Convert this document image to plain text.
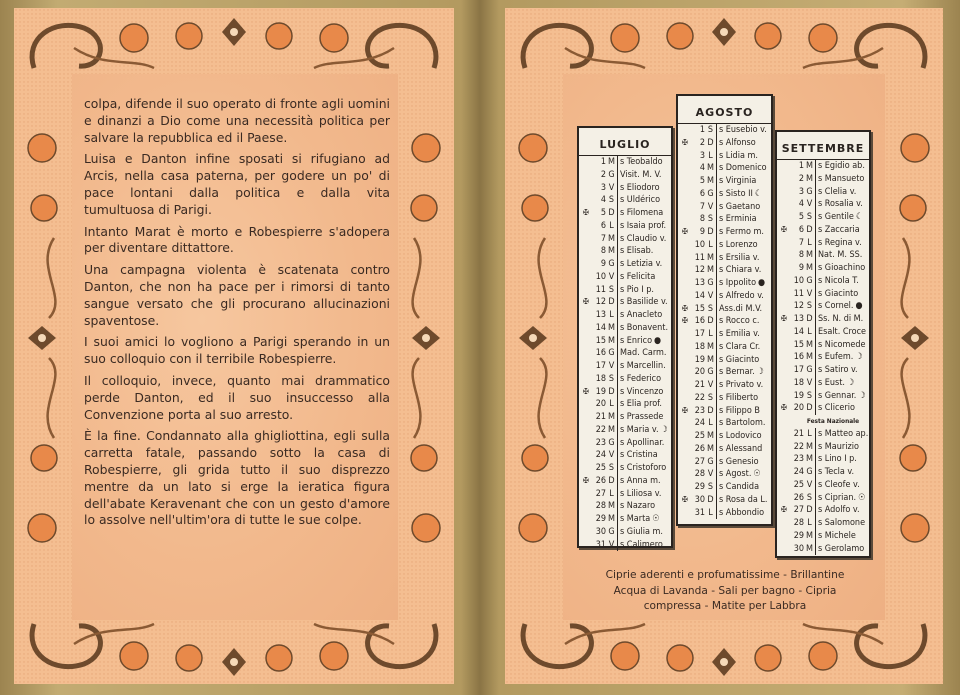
colpa, difende il suo operato di fronte agli uomini e dinanzi a Dio come una necessità politica per salvare la repubblica ed il Paese.

Luisa e Danton infine sposati si rifugiano ad Arcis, nella casa paterna, per godere un po' di pace lontani dalla politica e dalla vita tumultuosa di Parigi.

Intanto Marat è morto e Robespierre s'adopera per diventare dittattore.

Una campagna violenta è scatenata contro Danton, che non ha pace per i rimorsi di tanto sangue versato che gli procurano allucinazioni spaventose.

I suoi amici lo vogliono a Parigi sperando in un suo colloquio con il terribile Robespierre.

Il colloquio, invece, quanto mai drammatico perde Danton, ed il suo insuccesso alla Convenzione porta al suo arresto.

È la fine. Condannato alla ghigliottina, egli sulla carretta fatale, passando sotto la casa di Robespierre, gli grida tutto il suo disprezzo mentre da un lato si erge la ieratica figura dell'abate Keravenant che con un gesto d'amore lo assolve nell'ultim'ora di tutte le sue colpe.

LUGLIO
1 M s Teobaldo
2 G Visit. M. V.
3 V s Eliodoro
4 S s Uldérico
✠	5 D s Filomena
6 L s Isaia prof.
7 M s Claudio v.
8 M s Elisab.
9 G s Letizia v.
10 V s Felicita
11 S s Pio I p.
✠ 12 D s Basilide v.
13 L s Anacleto
14 M s Bonavent.
15 M s Enrico ●
16 G Mad. Carm.
17 V s Marcellin.
18 S s Federico
✠ 19 D s Vincenzo
20 L s Elia prof.
21 M s Prassede
22 M s Maria v. ☽
23 G s Apollinar.
24 V s Cristina
25 S s Cristoforo
✠ 26 D s Anna m.
27 L s Liliosa v.
28 M s Nazaro
29 M s Marta ☉
30 G s Giulia m.
31 V s Calimero
AGOSTO
1 S s Eusebio v.
✠	2 D s Alfonso
3 L s Lidia m.
4 M s Domenico
5 M s Virginia
6 G s Sisto II ☾
7 V s Gaetano
8 S s Erminia
✠	9 D s Fermo m.
10 L s Lorenzo
11 M s Ersilia v.
12 M s Chiara v.
13 G s Ippolito ●
14 V s Alfredo v.
✠ 15 S Ass.di M.V.
✠ 16 D s Rocco c.
17 L s Emilia v.
18 M s Clara Cr.
19 M s Giacinto
20 G s Bernar. ☽
21 V s Privato v.
22 S s Filiberto
✠ 23 D s Filippo B
24 L s Bartolom.
25 M s Lodovico
26 M s Alessand
27 G s Genesio
28 V s Agost. ☉
29 S s Candida
✠ 30 D s Rosa da L.
31 L s Abbondio
SETTEMBRE
1 M s Egidio ab.
2 M s Mansueto
3 G s Clelia v.
4 V s Rosalia v.
5 S s Gentile ☾
✠	6 D s Zaccaria
7 L s Regina v.
8 M Nat. M. SS.
9 M s Gioachino
10 G s Nicola T.
11 V s Giacinto
12 S s Cornel. ●
✠ 13 D Ss. N. di M.
14 L Esalt. Croce
15 M s Nicomede
16 M s Eufem. ☽
17 G s Satiro v.
18 V s Eust. ☽
19 S s Gennar. ☽
✠ 20 D s Clicerio
Festa Nazionale
21 L s Matteo ap.
22 M s Maurizio
23 M s Lino I p.
24 G s Tecla v.
25 V s Cleofe v.
26 S s Ciprian. ☉
✠ 27 D s Adolfo v.
28 L s Salomone
29 M s Michele
30 M s Gerolamo
Ciprie aderenti e profumatissime - Brillantine
Acqua di Lavanda - Sali per bagno - Cipria
compressa - Matite per Labbra
